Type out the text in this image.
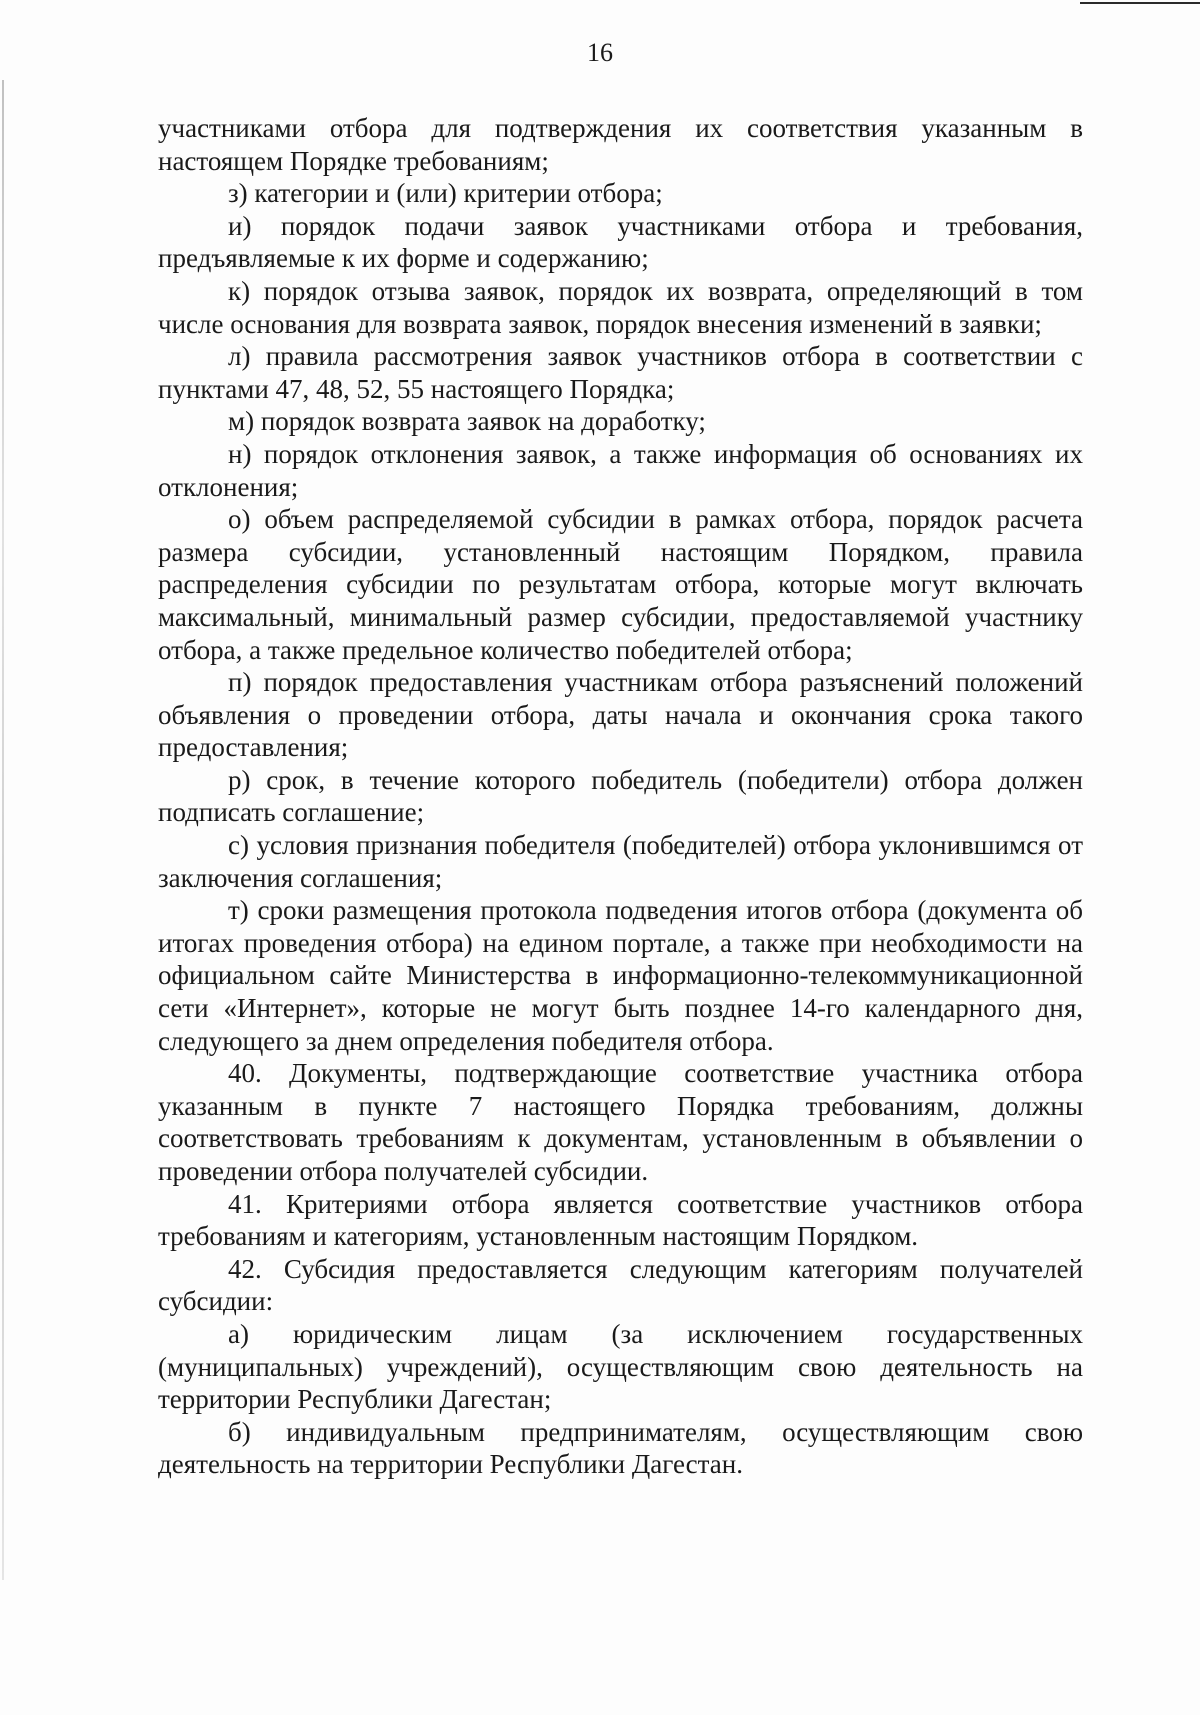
16

участниками отбора для подтверждения их соответствия указанным в настоящем Порядке требованиям;

з) категории и (или) критерии отбора;

и) порядок подачи заявок участниками отбора и требования, предъявляемые к их форме и содержанию;

к) порядок отзыва заявок, порядок их возврата, определяющий в том числе основания для возврата заявок, порядок внесения изменений в заявки;

л) правила рассмотрения заявок участников отбора в соответствии с пунктами 47, 48, 52, 55 настоящего Порядка;

м) порядок возврата заявок на доработку;

н) порядок отклонения заявок, а также информация об основаниях их отклонения;

о) объем распределяемой субсидии в рамках отбора, порядок расчета размера субсидии, установленный настоящим Порядком, правила распределения субсидии по результатам отбора, которые могут включать максимальный, минимальный размер субсидии, предоставляемой участнику отбора, а также предельное количество победителей отбора;

п) порядок предоставления участникам отбора разъяснений положений объявления о проведении отбора, даты начала и окончания срока такого предоставления;

р) срок, в течение которого победитель (победители) отбора должен подписать соглашение;

с) условия признания победителя (победителей) отбора уклонившимся от заключения соглашения;

т) сроки размещения протокола подведения итогов отбора (документа об итогах проведения отбора) на едином портале, а также при необходимости на официальном сайте Министерства в информационно-телекоммуникационной сети «Интернет», которые не могут быть позднее 14-го календарного дня, следующего за днем определения победителя отбора.

40. Документы, подтверждающие соответствие участника отбора указанным в пункте 7 настоящего Порядка требованиям, должны соответствовать требованиям к документам, установленным в объявлении о проведении отбора получателей субсидии.

41. Критериями отбора является соответствие участников отбора требованиям и категориям, установленным настоящим Порядком.

42. Субсидия предоставляется следующим категориям получателей субсидии:

а) юридическим лицам (за исключением государственных (муниципальных) учреждений), осуществляющим свою деятельность на территории Республики Дагестан;

б) индивидуальным предпринимателям, осуществляющим свою деятельность на территории Республики Дагестан.
